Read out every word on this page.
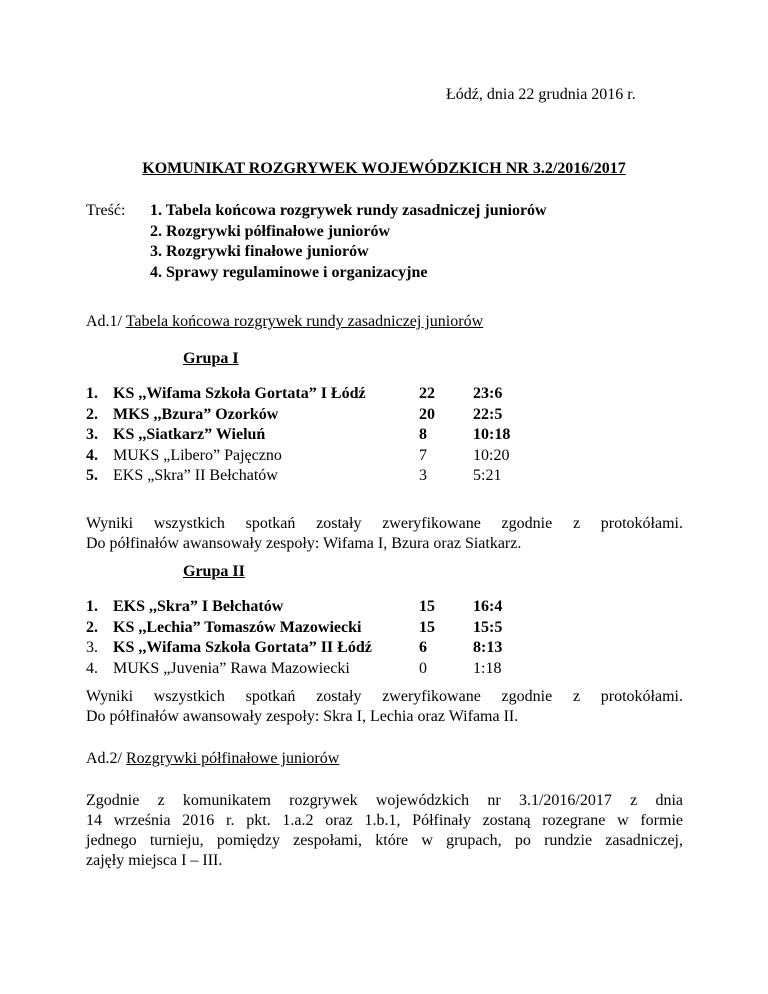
Łódź, dnia 22 grudnia 2016 r.
KOMUNIKAT ROZGRYWEK WOJEWÓDZKICH NR 3.2/2016/2017
Treść: 1. Tabela końcowa rozgrywek rundy zasadniczej juniorów
2. Rozgrywki półfinałowe juniorów
3. Rozgrywki finałowe juniorów
4. Sprawy regulaminowe i organizacyjne
Ad.1/ Tabela końcowa rozgrywek rundy zasadniczej juniorów
Grupa I
1. KS ,,Wifama Szkoła Gortata” I Łódź	22 23:6
2. MKS ,,Bzura” Ozorków	20 22:5
3. KS ,,Siatkarz” Wieluń	8	10:18
4. MUKS „Libero” Pajęczno	7	10:20
5. EKS „Skra” II Bełchatów	3	5:21
Wyniki wszystkich spotkań zostały zweryfikowane zgodnie z protokółami.
Do półfinałów awansowały zespoły: Wifama I, Bzura oraz Siatkarz.
Grupa II
1. EKS ,,Skra” I Bełchatów	15 16:4
2. KS ,,Lechia” Tomaszów Mazowiecki	15 15:5
3. KS ,,Wifama Szkoła Gortata” II Łódź	6	8:13
4. MUKS „Juvenia” Rawa Mazowiecki	0	1:18
Wyniki wszystkich spotkań zostały zweryfikowane zgodnie z protokółami.
Do półfinałów awansowały zespoły: Skra I, Lechia oraz Wifama II.
Ad.2/ Rozgrywki półfinałowe juniorów
Zgodnie z komunikatem rozgrywek wojewódzkich nr 3.1/2016/2017 z dnia
14 września 2016 r. pkt. 1.a.2 oraz 1.b.1, Półfinały zostaną rozegrane w formie
jednego turnieju, pomiędzy zespołami, które w grupach, po rundzie zasadniczej,
zajęły miejsca I – III.
